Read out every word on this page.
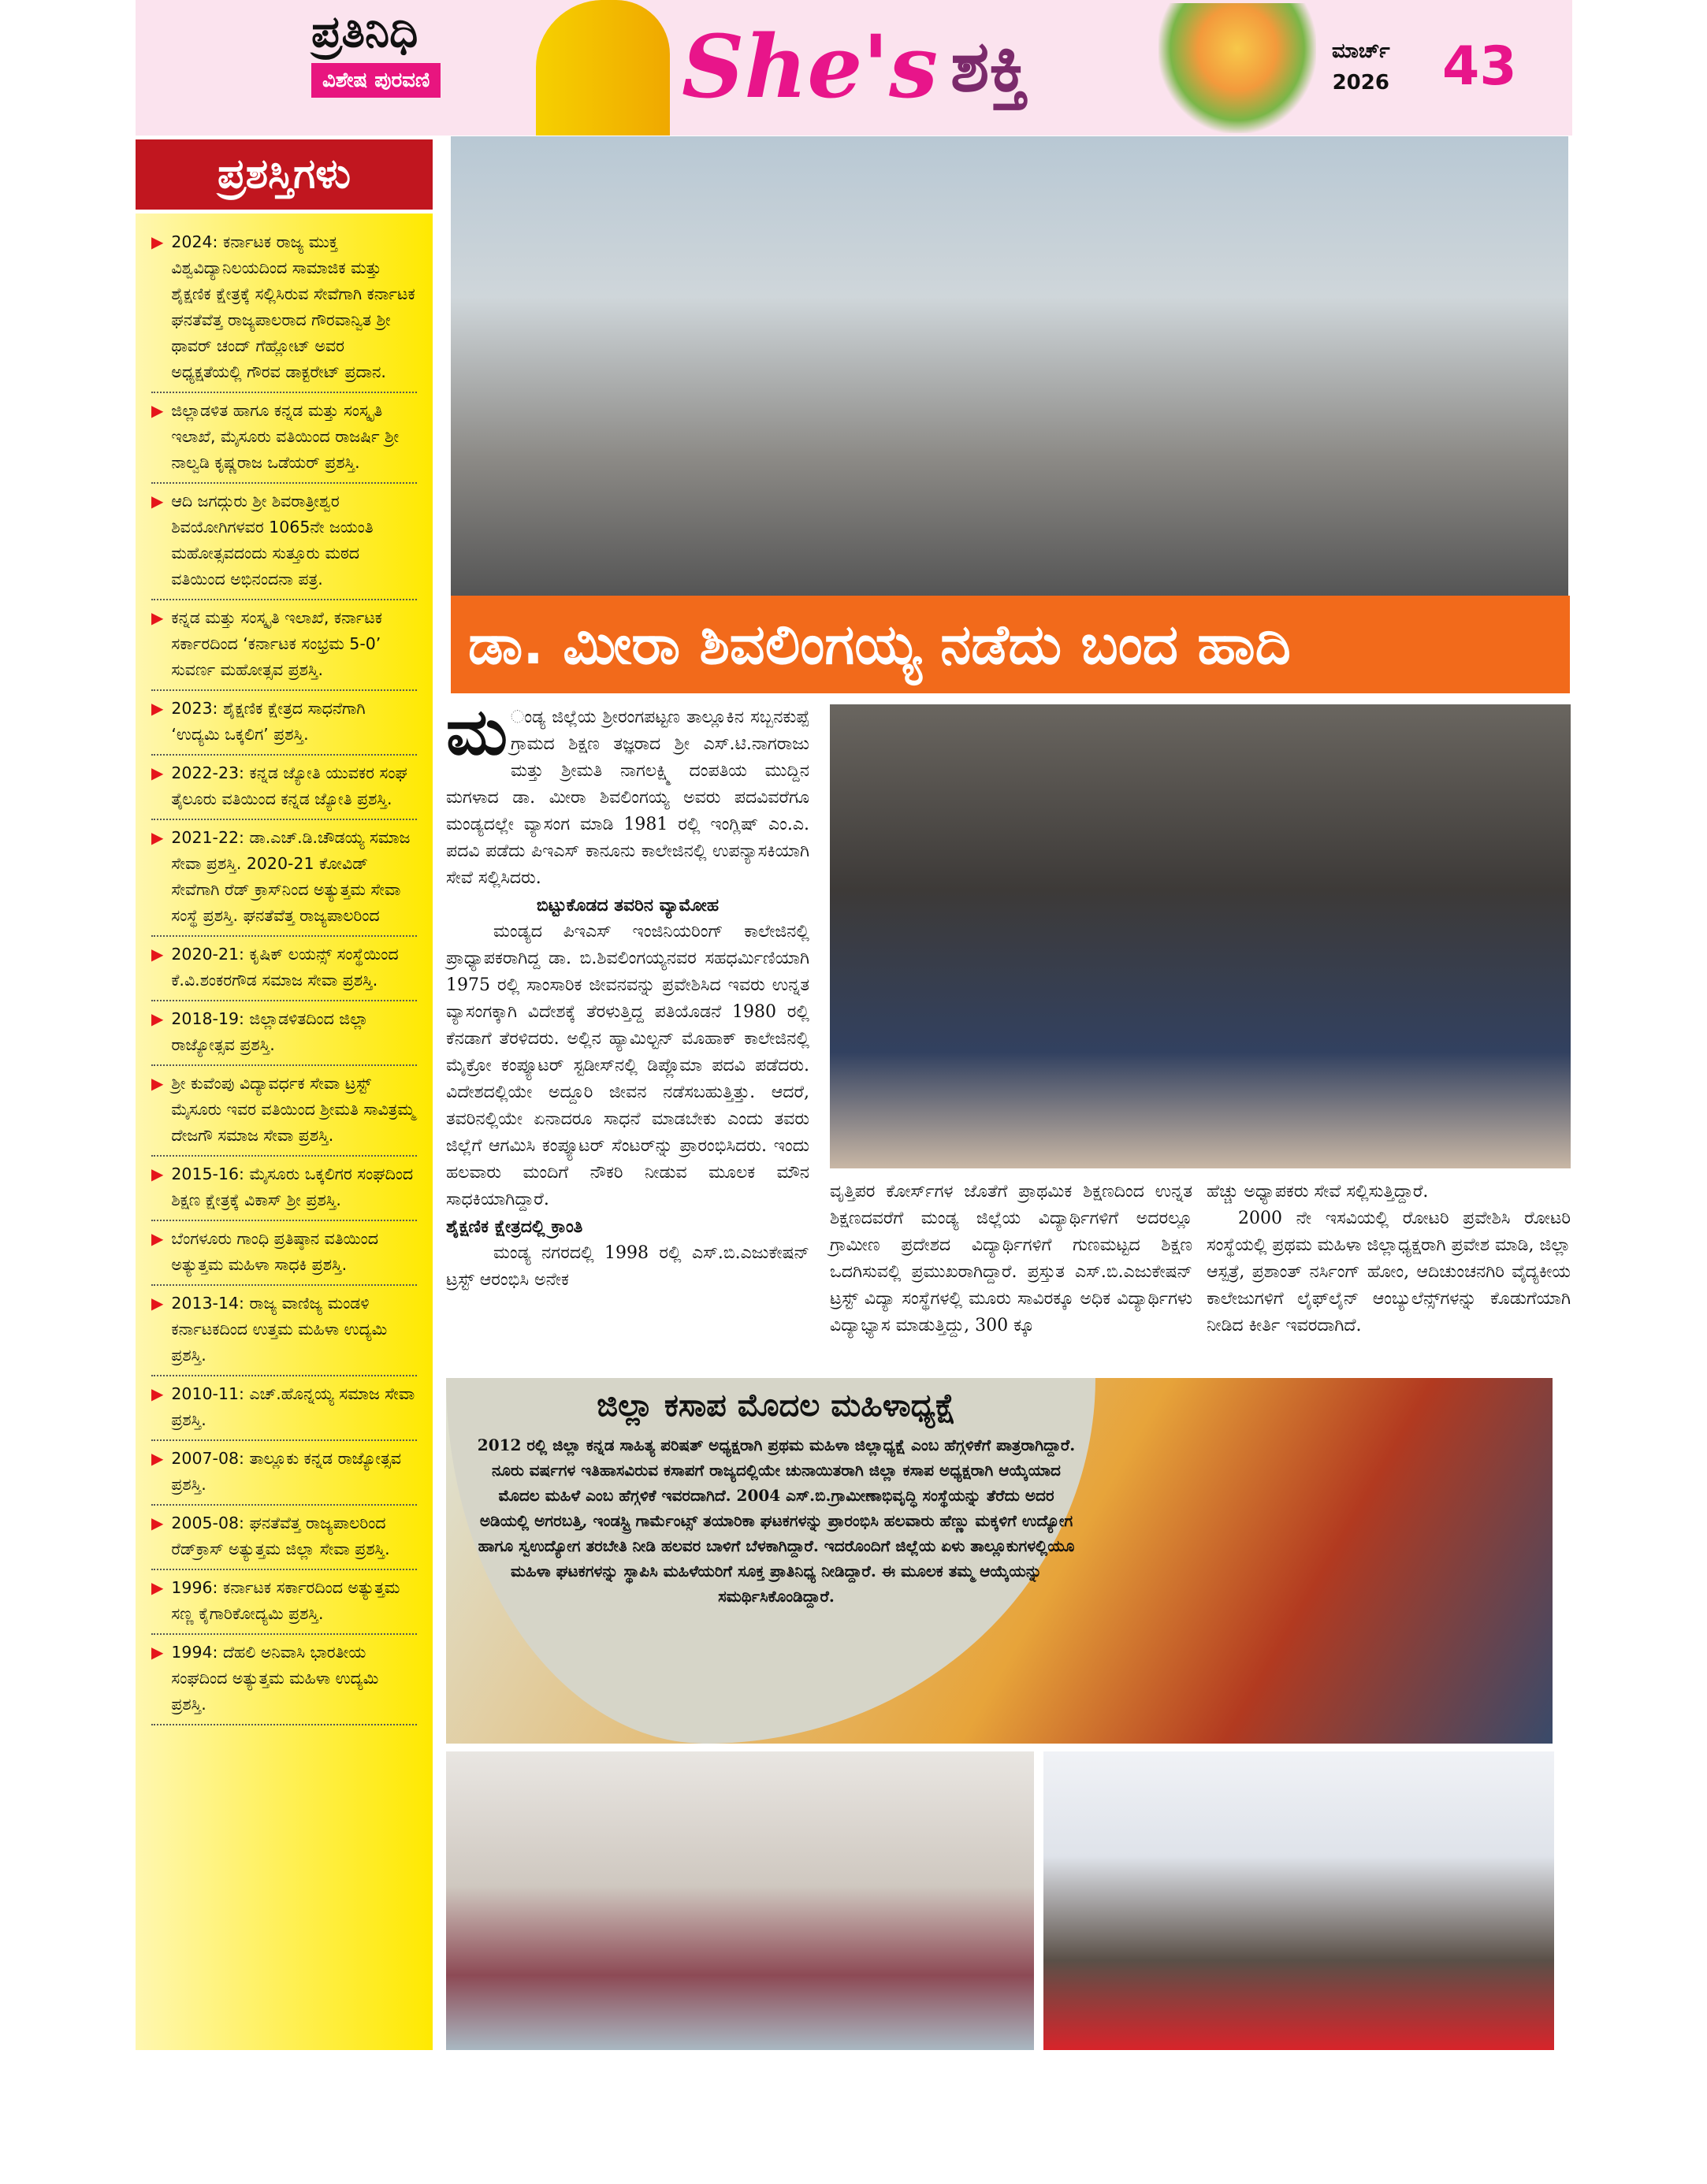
ಪ್ರತಿನಿಧಿ
ವಿಶೇಷ ಪುರವಣಿ	She's ಶಕ್ತಿ	ಮಾರ್ಚ್
2026 43
ಪ್ರಶಸ್ತಿಗಳು
▶ 2024: ಕರ್ನಾಟಕ ರಾಜ್ಯ ಮುಕ್ತ ವಿಶ್ವವಿದ್ಯಾನಿಲಯದಿಂದ ಸಾಮಾಜಿಕ ಮತ್ತು ಶೈಕ್ಷಣಿಕ ಕ್ಷೇತ್ರಕ್ಕೆ ಸಲ್ಲಿಸಿರುವ ಸೇವೆಗಾಗಿ ಕರ್ನಾಟಕ ಘನತೆವೆತ್ತ ರಾಜ್ಯಪಾಲರಾದ ಗೌರವಾನ್ವಿತ ಶ್ರೀ ಥಾವರ್ ಚಂದ್ ಗೆಹ್ಲೋಟ್ ಅವರ ಅಧ್ಯಕ್ಷತೆಯಲ್ಲಿ ಗೌರವ ಡಾಕ್ಟರೇಟ್ ಪ್ರದಾನ.
▶ ಜಿಲ್ಲಾಡಳಿತ ಹಾಗೂ ಕನ್ನಡ ಮತ್ತು ಸಂಸ್ಕೃತಿ ಇಲಾಖೆ, ಮೈಸೂರು ವತಿಯಿಂದ ರಾಜರ್ಷಿ ಶ್ರೀ ನಾಲ್ವಡಿ ಕೃಷ್ಣರಾಜ ಒಡೆಯರ್ ಪ್ರಶಸ್ತಿ.
▶ ಆದಿ ಜಗದ್ಗುರು ಶ್ರೀ ಶಿವರಾತ್ರೀಶ್ವರ ಶಿವಯೋಗಿಗಳವರ 1065ನೇ ಜಯಂತಿ ಮಹೋತ್ಸವದಂದು ಸುತ್ತೂರು ಮಠದ ವತಿಯಿಂದ ಅಭಿನಂದನಾ ಪತ್ರ.
▶ ಕನ್ನಡ ಮತ್ತು ಸಂಸ್ಕೃತಿ ಇಲಾಖೆ, ಕರ್ನಾಟಕ ಸರ್ಕಾರದಿಂದ ‘ಕರ್ನಾಟಕ ಸಂಭ್ರಮ 5-0’ ಸುವರ್ಣ ಮಹೋತ್ಸವ ಪ್ರಶಸ್ತಿ.
▶ 2023: ಶೈಕ್ಷಣಿಕ ಕ್ಷೇತ್ರದ ಸಾಧನೆಗಾಗಿ ‘ಉದ್ಯಮಿ ಒಕ್ಕಲಿಗ’ ಪ್ರಶಸ್ತಿ.
▶ 2022-23: ಕನ್ನಡ ಜ್ಯೋತಿ ಯುವಕರ ಸಂಘ ತೈಲೂರು ವತಿಯಿಂದ ಕನ್ನಡ ಜ್ಯೋತಿ ಪ್ರಶಸ್ತಿ.
▶ 2021-22: ಡಾ.ಎಚ್.ಡಿ.ಚೌಡಯ್ಯ ಸಮಾಜ ಸೇವಾ ಪ್ರಶಸ್ತಿ. 2020-21 ಕೋವಿಡ್ ಸೇವೆಗಾಗಿ ರೆಡ್ ಕ್ರಾಸ್‌ನಿಂದ ಅತ್ಯುತ್ತಮ ಸೇವಾ ಸಂಸ್ಥೆ ಪ್ರಶಸ್ತಿ. ಘನತೆವೆತ್ತ ರಾಜ್ಯಪಾಲರಿಂದ
▶ 2020-21: ಕೃಷಿಕ್ ಲಯನ್ಸ್ ಸಂಸ್ಥೆಯಿಂದ ಕೆ.ವಿ.ಶಂಕರಗೌಡ ಸಮಾಜ ಸೇವಾ ಪ್ರಶಸ್ತಿ.
▶ 2018-19: ಜಿಲ್ಲಾಡಳಿತದಿಂದ ಜಿಲ್ಲಾ ರಾಜ್ಯೋತ್ಸವ ಪ್ರಶಸ್ತಿ.
▶ ಶ್ರೀ ಕುವೆಂಪು ವಿದ್ಯಾವರ್ಧಕ ಸೇವಾ ಟ್ರಸ್ಟ್ ಮೈಸೂರು ಇವರ ವತಿಯಿಂದ ಶ್ರೀಮತಿ ಸಾವಿತ್ರಮ್ಮ ದೇಜಗೌ ಸಮಾಜ ಸೇವಾ ಪ್ರಶಸ್ತಿ.
▶ 2015-16: ಮೈಸೂರು ಒಕ್ಕಲಿಗರ ಸಂಘದಿಂದ ಶಿಕ್ಷಣ ಕ್ಷೇತ್ರಕ್ಕೆ ವಿಕಾಸ್ ಶ್ರೀ ಪ್ರಶಸ್ತಿ.
▶ ಬೆಂಗಳೂರು ಗಾಂಧಿ ಪ್ರತಿಷ್ಠಾನ ವತಿಯಿಂದ ಅತ್ಯುತ್ತಮ ಮಹಿಳಾ ಸಾಧಕಿ ಪ್ರಶಸ್ತಿ.
▶ 2013-14: ರಾಜ್ಯ ವಾಣಿಜ್ಯ ಮಂಡಳಿ ಕರ್ನಾಟಕದಿಂದ ಉತ್ತಮ ಮಹಿಳಾ ಉದ್ಯಮಿ ಪ್ರಶಸ್ತಿ.
▶ 2010-11: ಎಚ್.ಹೊನ್ನಯ್ಯ ಸಮಾಜ ಸೇವಾ ಪ್ರಶಸ್ತಿ.
▶ 2007-08: ತಾಲ್ಲೂಕು ಕನ್ನಡ ರಾಜ್ಯೋತ್ಸವ ಪ್ರಶಸ್ತಿ.
▶ 2005-08: ಘನತೆವೆತ್ತ ರಾಜ್ಯಪಾಲರಿಂದ ರೆಡ್‌ಕ್ರಾಸ್ ಅತ್ಯುತ್ತಮ ಜಿಲ್ಲಾ ಸೇವಾ ಪ್ರಶಸ್ತಿ.
▶ 1996: ಕರ್ನಾಟಕ ಸರ್ಕಾರದಿಂದ ಅತ್ಯುತ್ತಮ ಸಣ್ಣ ಕೈಗಾರಿಕೋದ್ಯಮಿ ಪ್ರಶಸ್ತಿ.
▶ 1994: ದೆಹಲಿ ಅನಿವಾಸಿ ಭಾರತೀಯ ಸಂಘದಿಂದ ಅತ್ಯುತ್ತಮ ಮಹಿಳಾ ಉದ್ಯಮಿ ಪ್ರಶಸ್ತಿ.
ಡಾ. ಮೀರಾ ಶಿವಲಿಂಗಯ್ಯ ನಡೆದು ಬಂದ ಹಾದಿ

ಮ ಂಡ್ಯ ಜಿಲ್ಲೆಯ ಶ್ರೀರಂಗಪಟ್ಟಣ ತಾಲ್ಲೂಕಿನ ಸಬ್ಬನಕುಪ್ಪೆ ಗ್ರಾಮದ ಶಿಕ್ಷಣ ತಜ್ಞರಾದ ಶ್ರೀ ಎಸ್.ಟಿ.ನಾಗರಾಜು ಮತ್ತು ಶ್ರೀಮತಿ ನಾಗಲಕ್ಷ್ಮಿ ದಂಪತಿಯ ಮುದ್ದಿನ ಮಗಳಾದ ಡಾ. ಮೀರಾ ಶಿವಲಿಂಗಯ್ಯ ಅವರು ಪದವಿವರೆಗೂ ಮಂಡ್ಯದಲ್ಲೇ ವ್ಯಾಸಂಗ ಮಾಡಿ 1981 ರಲ್ಲಿ ಇಂಗ್ಲಿಷ್ ಎಂ.ಎ. ಪದವಿ ಪಡೆದು ಪಿಇಎಸ್ ಕಾನೂನು ಕಾಲೇಜಿನಲ್ಲಿ ಉಪನ್ಯಾಸಕಿಯಾಗಿ ಸೇವೆ ಸಲ್ಲಿಸಿದರು.

ಬಿಟ್ಟುಕೊಡದ ತವರಿನ ವ್ಯಾಮೋಹ

ಮಂಡ್ಯದ ಪಿಇಎಸ್ ಇಂಜಿನಿಯರಿಂಗ್ ಕಾಲೇಜಿನಲ್ಲಿ ಪ್ರಾಧ್ಯಾಪಕರಾಗಿದ್ದ ಡಾ. ಬಿ.ಶಿವಲಿಂಗಯ್ಯನವರ ಸಹಧರ್ಮಿಣಿಯಾಗಿ 1975 ರಲ್ಲಿ ಸಾಂಸಾರಿಕ ಜೀವನವನ್ನು ಪ್ರವೇಶಿಸಿದ ಇವರು ಉನ್ನತ ವ್ಯಾಸಂಗಕ್ಕಾಗಿ ವಿದೇಶಕ್ಕೆ ತೆರಳುತ್ತಿದ್ದ ಪತಿಯೊಡನೆ 1980 ರಲ್ಲಿ ಕೆನಡಾಗೆ ತೆರಳಿದರು. ಅಲ್ಲಿನ ಹ್ಯಾಮಿಲ್ಟನ್ ಮೊಹಾಕ್ ಕಾಲೇಜಿನಲ್ಲಿ ಮೈಕ್ರೋ ಕಂಪ್ಯೂಟರ್ ಸ್ಟಡೀಸ್‌ನಲ್ಲಿ ಡಿಪ್ಲೊಮಾ ಪದವಿ ಪಡೆದರು. ವಿದೇಶದಲ್ಲಿಯೇ ಅದ್ದೂರಿ ಜೀವನ ನಡೆಸಬಹುತ್ತಿತ್ತು. ಆದರೆ, ತವರಿನಲ್ಲಿಯೇ ಏನಾದರೂ ಸಾಧನೆ ಮಾಡಬೇಕು ಎಂದು ತವರು ಜಿಲ್ಲೆಗೆ ಆಗಮಿಸಿ ಕಂಪ್ಯೂಟರ್ ಸೆಂಟರ್‌ನ್ನು ಪ್ರಾರಂಭಿಸಿದರು. ಇಂದು ಹಲವಾರು ಮಂದಿಗೆ ನೌಕರಿ ನೀಡುವ ಮೂಲಕ ಮೌನ ಸಾಧಕಿಯಾಗಿದ್ದಾರೆ.

ಶೈಕ್ಷಣಿಕ ಕ್ಷೇತ್ರದಲ್ಲಿ ಕ್ರಾಂತಿ

ಮಂಡ್ಯ ನಗರದಲ್ಲಿ 1998 ರಲ್ಲಿ ಎಸ್.ಬಿ.ಎಜುಕೇಷನ್ ಟ್ರಸ್ಟ್ ಆರಂಭಿಸಿ ಅನೇಕ

ವೃತ್ತಿಪರ ಕೋರ್ಸ್‌ಗಳ ಜೊತೆಗೆ ಪ್ರಾಥಮಿಕ ಶಿಕ್ಷಣದಿಂದ ಉನ್ನತ ಶಿಕ್ಷಣದವರೆಗೆ ಮಂಡ್ಯ ಜಿಲ್ಲೆಯ ವಿದ್ಯಾರ್ಥಿಗಳಿಗೆ ಅದರಲ್ಲೂ ಗ್ರಾಮೀಣ ಪ್ರದೇಶದ ವಿದ್ಯಾರ್ಥಿಗಳಿಗೆ ಗುಣಮಟ್ಟದ ಶಿಕ್ಷಣ ಒದಗಿಸುವಲ್ಲಿ ಪ್ರಮುಖರಾಗಿದ್ದಾರೆ. ಪ್ರಸ್ತುತ ಎಸ್.ಬಿ.ಎಜುಕೇಷನ್ ಟ್ರಸ್ಟ್ ವಿದ್ಯಾ ಸಂಸ್ಥೆಗಳಲ್ಲಿ ಮೂರು ಸಾವಿರಕ್ಕೂ ಅಧಿಕ ವಿದ್ಯಾರ್ಥಿಗಳು ವಿದ್ಯಾಭ್ಯಾಸ ಮಾಡುತ್ತಿದ್ದು, 300 ಕ್ಕೂ

ಹೆಚ್ಚು ಅಧ್ಯಾಪಕರು ಸೇವೆ ಸಲ್ಲಿಸುತ್ತಿದ್ದಾರೆ.

2000 ನೇ ಇಸವಿಯಲ್ಲಿ ರೋಟರಿ ಪ್ರವೇಶಿಸಿ ರೋಟರಿ ಸಂಸ್ಥೆಯಲ್ಲಿ ಪ್ರಥಮ ಮಹಿಳಾ ಜಿಲ್ಲಾಧ್ಯಕ್ಷರಾಗಿ ಪ್ರವೇಶ ಮಾಡಿ, ಜಿಲ್ಲಾ ಆಸ್ಪತ್ರೆ, ಪ್ರಶಾಂತ್ ನರ್ಸಿಂಗ್ ಹೋಂ, ಆದಿಚುಂಚನಗಿರಿ ವೈದ್ಯಕೀಯ ಕಾಲೇಜುಗಳಿಗೆ ಲೈಫ್‌ಲೈನ್ ಆಂಬ್ಯುಲೆನ್ಸ್‌ಗಳನ್ನು ಕೊಡುಗೆಯಾಗಿ ನೀಡಿದ ಕೀರ್ತಿ ಇವರದಾಗಿದೆ.

ಜಿಲ್ಲಾ ಕಸಾಪ ಮೊದಲ ಮಹಿಳಾಧ್ಯಕ್ಷೆ
2012 ರಲ್ಲಿ ಜಿಲ್ಲಾ ಕನ್ನಡ ಸಾಹಿತ್ಯ ಪರಿಷತ್ ಅಧ್ಯಕ್ಷರಾಗಿ ಪ್ರಥಮ ಮಹಿಳಾ ಜಿಲ್ಲಾಧ್ಯಕ್ಷೆ ಎಂಬ ಹೆಗ್ಗಳಿಕೆಗೆ ಪಾತ್ರರಾಗಿದ್ದಾರೆ. ನೂರು ವರ್ಷಗಳ ಇತಿಹಾಸವಿರುವ ಕಸಾಪಗೆ ರಾಜ್ಯದಲ್ಲಿಯೇ ಚುನಾಯಿತರಾಗಿ ಜಿಲ್ಲಾ ಕಸಾಪ ಅಧ್ಯಕ್ಷರಾಗಿ ಆಯ್ಕೆಯಾದ ಮೊದಲ ಮಹಿಳೆ ಎಂಬ ಹೆಗ್ಗಳಿಕೆ ಇವರದಾಗಿದೆ. 2004 ಎಸ್.ಬಿ.ಗ್ರಾಮೀಣಾಭಿವೃದ್ಧಿ ಸಂಸ್ಥೆಯನ್ನು ತೆರೆದು ಅದರ ಅಡಿಯಲ್ಲಿ ಅಗರಬತ್ತಿ, ಇಂಡಸ್ಟ್ರಿ ಗಾರ್ಮೆಂಟ್ಸ್ ತಯಾರಿಕಾ ಘಟಕಗಳನ್ನು ಪ್ರಾರಂಭಿಸಿ ಹಲವಾರು ಹೆಣ್ಣು ಮಕ್ಕಳಿಗೆ ಉದ್ಯೋಗ ಹಾಗೂ ಸ್ವಉದ್ಯೋಗ ತರಬೇತಿ ನೀಡಿ ಹಲವರ ಬಾಳಿಗೆ ಬೆಳಕಾಗಿದ್ದಾರೆ. ಇದರೊಂದಿಗೆ ಜಿಲ್ಲೆಯ ಏಳು ತಾಲ್ಲೂಕುಗಳಲ್ಲಿಯೂ ಮಹಿಳಾ ಘಟಕಗಳನ್ನು ಸ್ಥಾಪಿಸಿ ಮಹಿಳೆಯರಿಗೆ ಸೂಕ್ತ ಪ್ರಾತಿನಿಧ್ಯ ನೀಡಿದ್ದಾರೆ. ಈ ಮೂಲಕ ತಮ್ಮ ಆಯ್ಕೆಯನ್ನು ಸಮರ್ಥಿಸಿಕೊಂಡಿದ್ದಾರೆ.
